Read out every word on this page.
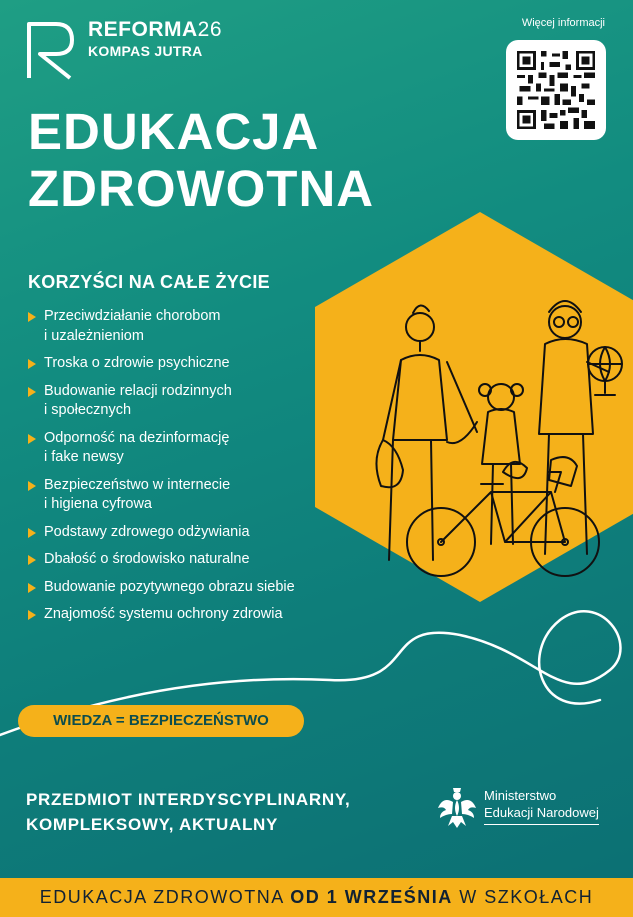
REFORMA26
KOMPAS JUTRA
Więcej informacji
EDUKACJA
ZDROWOTNA
KORZYŚCI NA CAŁE ŻYCIE
Przeciwdziałanie chorobom
i uzależnieniom
Troska o zdrowie psychiczne
Budowanie relacji rodzinnych
i społecznych
Odporność na dezinformację
i fake newsy
Bezpieczeństwo w internecie
i higiena cyfrowa
Podstawy zdrowego odżywiania
Dbałość o środowisko naturalne
Budowanie pozytywnego obrazu siebie
Znajomość systemu ochrony zdrowia
WIEDZA = BEZPIECZEŃSTWO
PRZEDMIOT INTERDYSCYPLINARNY,
KOMPLEKSOWY, AKTUALNY
Ministerstwo
Edukacji Narodowej
EDUKACJA ZDROWOTNA OD 1 WRZEŚNIA W SZKOŁACH
